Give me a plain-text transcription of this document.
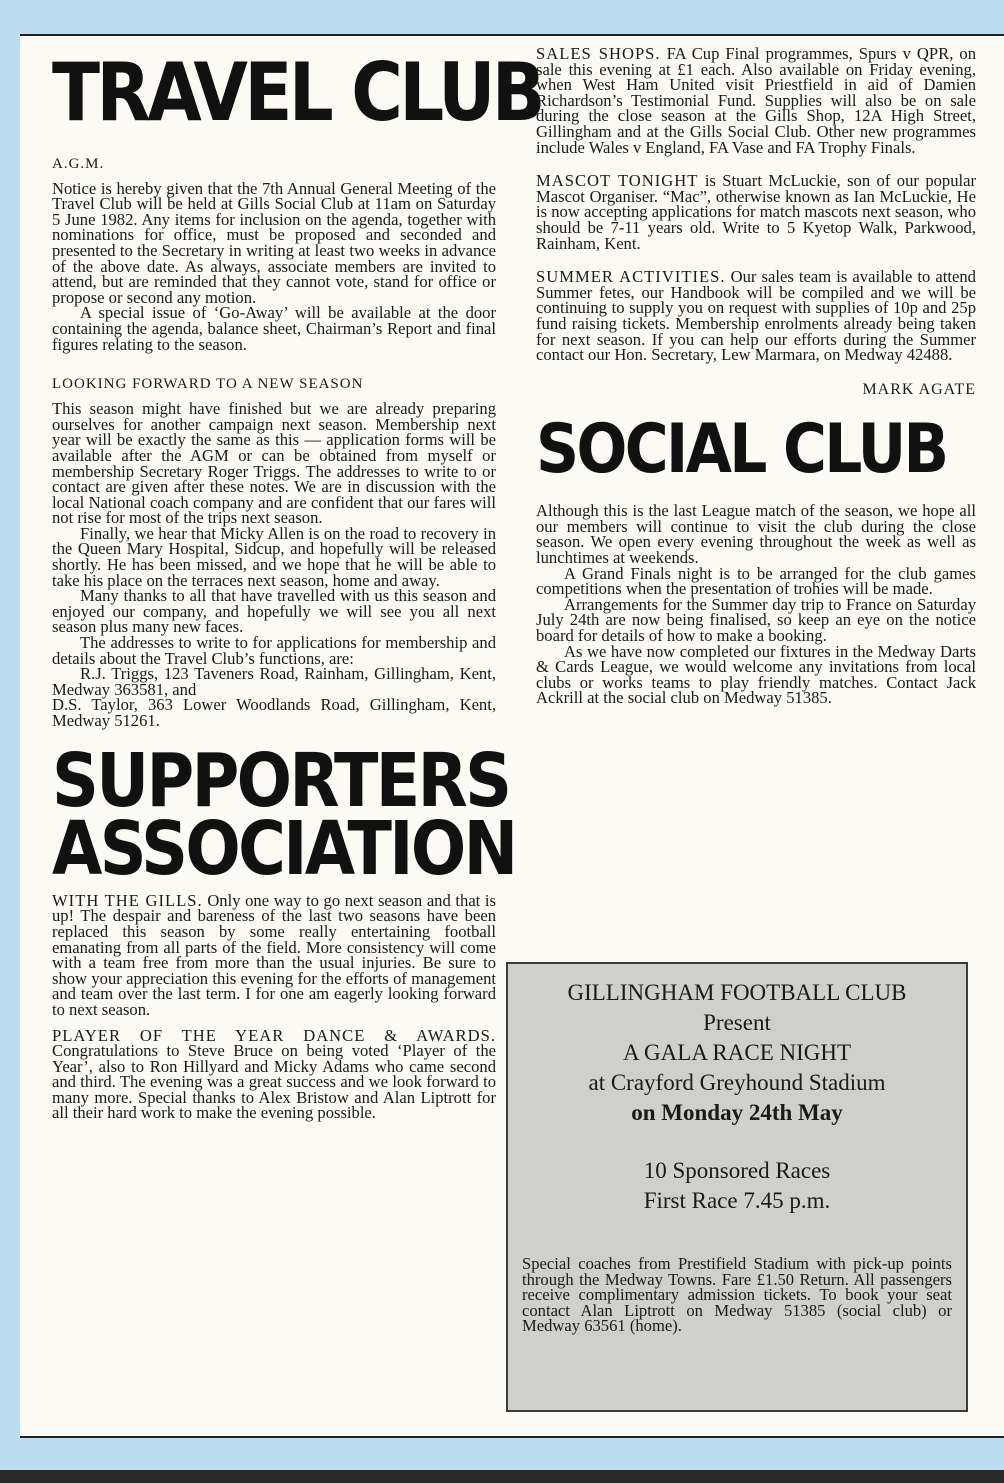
TRAVEL CLUB
A.G.M.

Notice is hereby given that the 7th Annual General Meeting of the Travel Club will be held at Gills Social Club at 11am on Saturday 5 June 1982. Any items for inclusion on the agenda, together with nominations for office, must be proposed and seconded and presented to the Secretary in writing at least two weeks in advance of the above date. As always, associate members are invited to attend, but are reminded that they cannot vote, stand for office or propose or second any motion.

A special issue of ‘Go-Away’ will be available at the door containing the agenda, balance sheet, Chairman’s Report and final figures relating to the season.

LOOKING FORWARD TO A NEW SEASON

This season might have finished but we are already preparing ourselves for another campaign next season. Membership next year will be exactly the same as this — application forms will be available after the AGM or can be obtained from myself or membership Secretary Roger Triggs. The addresses to write to or contact are given after these notes. We are in discussion with the local National coach company and are confident that our fares will not rise for most of the trips next season.

Finally, we hear that Micky Allen is on the road to recovery in the Queen Mary Hospital, Sidcup, and hopefully will be released shortly. He has been missed, and we hope that he will be able to take his place on the terraces next season, home and away.

Many thanks to all that have travelled with us this season and enjoyed our company, and hopefully we will see you all next season plus many new faces.

The addresses to write to for applications for membership and details about the Travel Club’s functions, are:

R.J. Triggs, 123 Taveners Road, Rainham, Gillingham, Kent, Medway 363581, and

D.S. Taylor, 363 Lower Woodlands Road, Gillingham, Kent, Medway 51261.

SUPPORTERS
ASSOCIATION

WITH THE GILLS. Only one way to go next season and that is up! The despair and bareness of the last two seasons have been replaced this season by some really entertaining football emanating from all parts of the field. More consistency will come with a team free from more than the usual injuries. Be sure to show your appreciation this evening for the efforts of management and team over the last term. I for one am eagerly looking forward to next season.

PLAYER OF THE YEAR DANCE & AWARDS. Congratulations to Steve Bruce on being voted ‘Player of the Year’, also to Ron Hillyard and Micky Adams who came second and third. The evening was a great success and we look forward to many more. Special thanks to Alex Bristow and Alan Liptrott for all their hard work to make the evening possible.

SALES SHOPS. FA Cup Final programmes, Spurs v QPR, on sale this evening at £1 each. Also available on Friday evening, when West Ham United visit Priestfield in aid of Damien Richardson’s Testimonial Fund. Supplies will also be on sale during the close season at the Gills Shop, 12A High Street, Gillingham and at the Gills Social Club. Other new programmes include Wales v England, FA Vase and FA Trophy Finals.

MASCOT TONIGHT is Stuart McLuckie, son of our popular Mascot Organiser. “Mac”, otherwise known as Ian McLuckie, He is now accepting applications for match mascots next season, who should be 7-11 years old. Write to 5 Kyetop Walk, Parkwood, Rainham, Kent.

SUMMER ACTIVITIES. Our sales team is available to attend Summer fetes, our Handbook will be compiled and we will be continuing to supply you on request with supplies of 10p and 25p fund raising tickets. Membership enrolments already being taken for next season. If you can help our efforts during the Summer contact our Hon. Secretary, Lew Marmara, on Medway 42488.

MARK AGATE

SOCIAL CLUB

Although this is the last League match of the season, we hope all our members will continue to visit the club during the close season. We open every evening throughout the week as well as lunchtimes at weekends.

A Grand Finals night is to be arranged for the club games competitions when the presentation of trohies will be made.

Arrangements for the Summer day trip to France on Saturday July 24th are now being finalised, so keep an eye on the notice board for details of how to make a booking.

As we have now completed our fixtures in the Medway Darts & Cards League, we would welcome any invitations from local clubs or works teams to play friendly matches. Contact Jack Ackrill at the social club on Medway 51385.

GILLINGHAM FOOTBALL CLUB

Present

A GALA RACE NIGHT

at Crayford Greyhound Stadium

on Monday 24th May

10 Sponsored Races

First Race 7.45 p.m.

Special coaches from Prestifield Stadium with pick-up points through the Medway Towns. Fare £1.50 Return. All passengers receive complimentary admission tickets. To book your seat contact Alan Liptrott on Medway 51385 (social club) or Medway 63561 (home).
